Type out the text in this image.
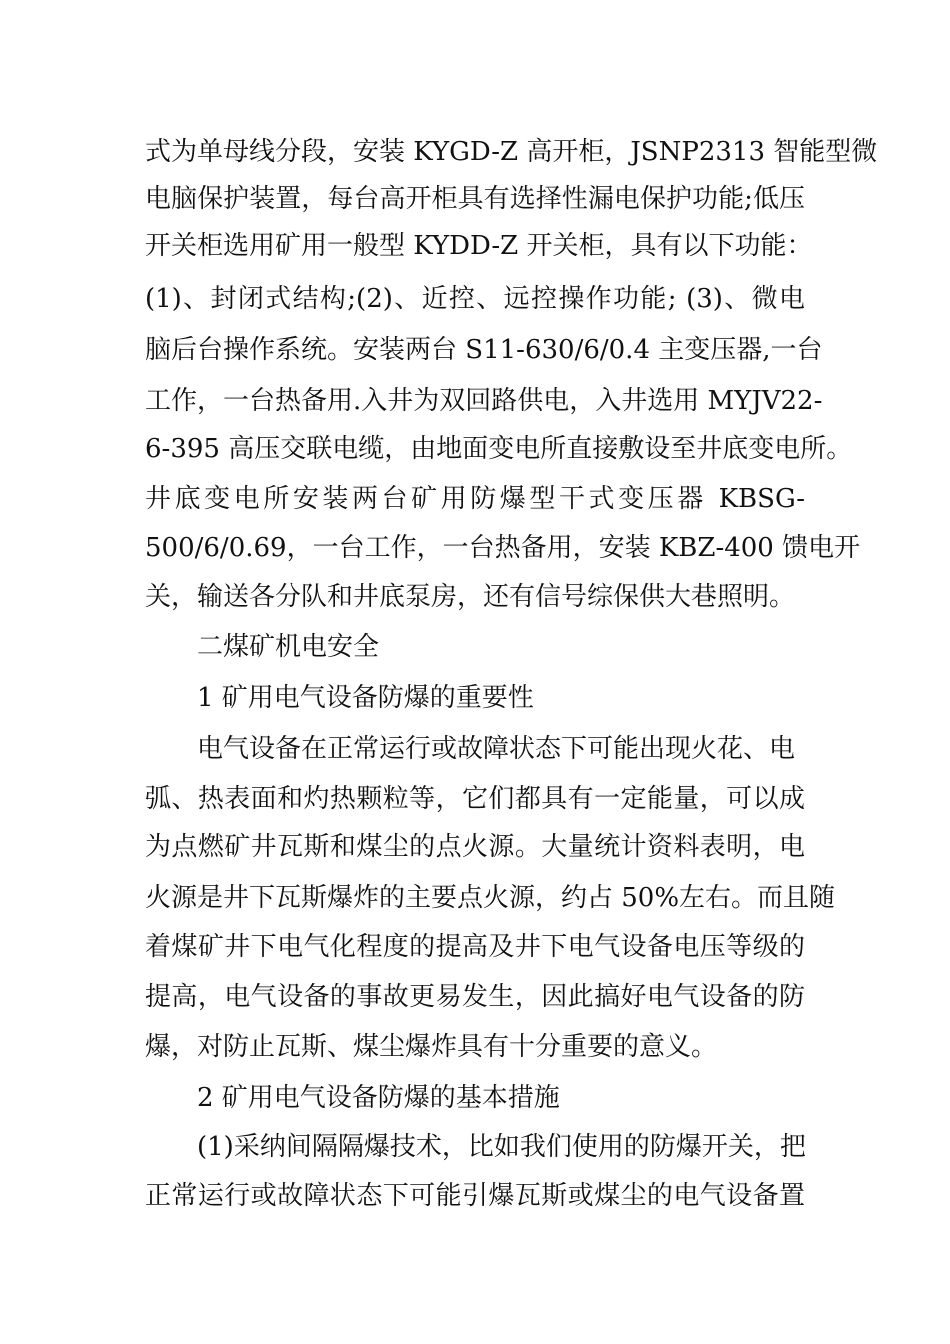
式为单母线分段，安装 KYGD-Z 高开柜，JSNP2313 智能型微
电脑保护装置，每台高开柜具有选择性漏电保护功能;低压
开关柜选用矿用一般型 KYDD-Z 开关柜，具有以下功能：
(1)、封闭式结构;(2)、近控、远控操作功能; (3)、微电
脑后台操作系统。安装两台 S11-630/6/0.4 主变压器,一台
工作，一台热备用.入井为双回路供电，入井选用 MYJV22-
6-395 高压交联电缆，由地面变电所直接敷设至井底变电所。
井底变电所安装两台矿用防爆型干式变压器 KBSG-
500/6/0.69，一台工作，一台热备用，安装 KBZ-400 馈电开
关，输送各分队和井底泵房，还有信号综保供大巷照明。
二煤矿机电安全
1 矿用电气设备防爆的重要性
电气设备在正常运行或故障状态下可能出现火花、电
弧、热表面和灼热颗粒等，它们都具有一定能量，可以成
为点燃矿井瓦斯和煤尘的点火源。大量统计资料表明，电
火源是井下瓦斯爆炸的主要点火源，约占 50%左右。而且随
着煤矿井下电气化程度的提高及井下电气设备电压等级的
提高，电气设备的事故更易发生，因此搞好电气设备的防
爆，对防止瓦斯、煤尘爆炸具有十分重要的意义。
2 矿用电气设备防爆的基本措施
(1)采纳间隔隔爆技术，比如我们使用的防爆开关，把
正常运行或故障状态下可能引爆瓦斯或煤尘的电气设备置
